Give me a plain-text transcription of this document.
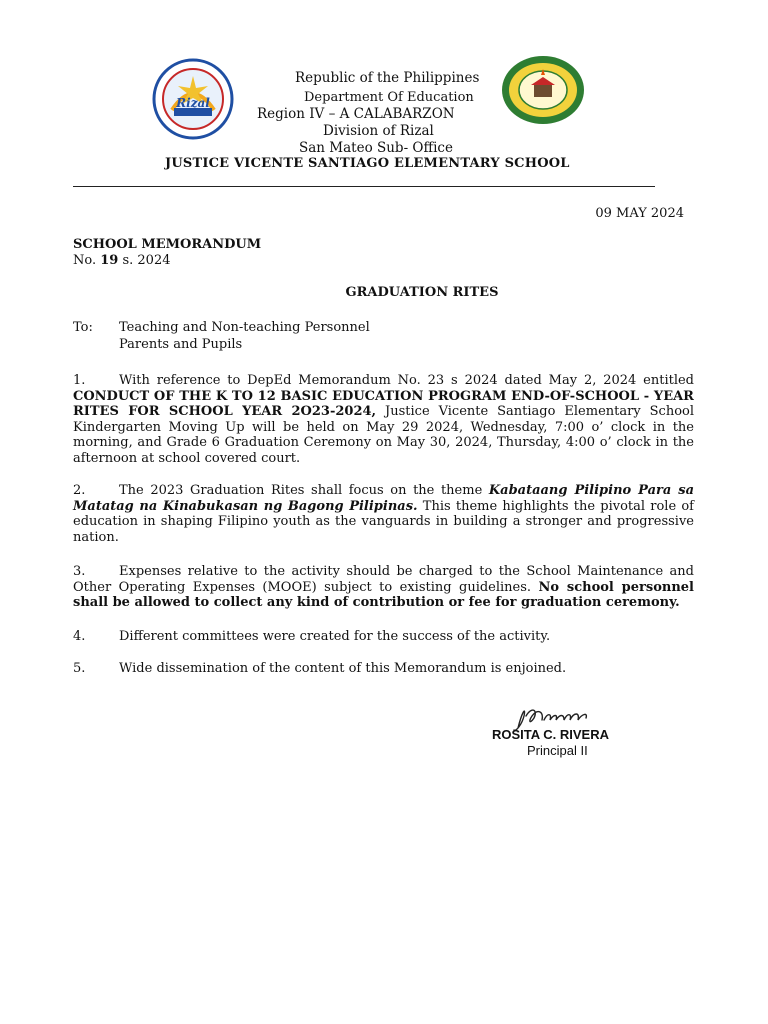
Rizal
Republic of the Philippines
Department Of Education
Region IV – A CALABARZON
Division of Rizal
San Mateo Sub- Office
JUSTICE VICENTE SANTIAGO ELEMENTARY SCHOOL
09 MAY 2024
SCHOOL MEMORANDUM
No. 19 s. 2024
GRADUATION RITES
To: Teaching and Non-teaching Personnel
Parents and Pupils
1.	With reference to DepEd Memorandum No. 23 s 2024 dated May 2, 2024 entitled CONDUCT OF THE K TO 12 BASIC EDUCATION PROGRAM END-OF-SCHOOL - YEAR RITES FOR SCHOOL YEAR 2O23-2024, Justice Vicente Santiago Elementary School Kindergarten Moving Up will be held on May 29 2024, Wednesday, 7:00 o’ clock in the morning, and Grade 6 Graduation Ceremony on May 30, 2024, Thursday, 4:00 o’ clock in the afternoon at school covered court.
2.	The 2023 Graduation Rites shall focus on the theme Kabataang Pilipino Para sa Matatag na Kinabukasan ng Bagong Pilipinas. This theme highlights the pivotal role of education in shaping Filipino youth as the vanguards in building a stronger and progressive nation.
3.	Expenses relative to the activity should be charged to the School Maintenance and Other Operating Expenses (MOOE) subject to existing guidelines. No school personnel shall be allowed to collect any kind of contribution or fee for graduation ceremony.
4.	Different committees were created for the success of the activity.
5.	Wide dissemination of the content of this Memorandum is enjoined.
ROSITA C. RIVERA
Principal II
